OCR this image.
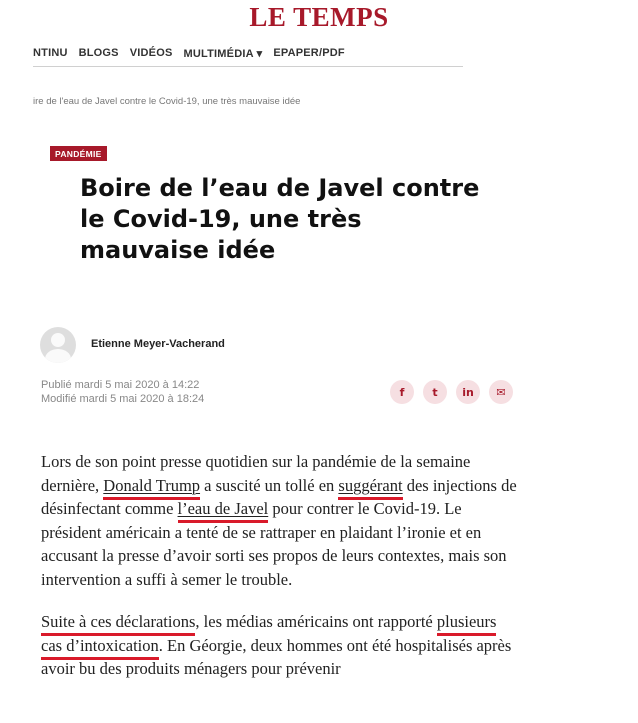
LE TEMPS
NTINU BLOGS VIDÉOS MULTIMÉDIA ▾ EPAPER/PDF
ire de l'eau de Javel contre le Covid-19, une très mauvaise idée
PANDÉMIE
Boire de l’eau de Javel contre le Covid-19, une très mauvaise idée
Etienne Meyer-Vacherand
Publié mardi 5 mai 2020 à 14:22
Modifié mardi 5 mai 2020 à 18:24
f	t	in	✉

Lors de son point presse quotidien sur la pandémie de la semaine dernière, Donald Trump a suscité un tollé en suggérant des injections de désinfectant comme l’eau de Javel pour contrer le Covid-19. Le président américain a tenté de se rattraper en plaidant l’ironie et en accusant la presse d’avoir sorti ses propos de leurs contextes, mais son intervention a suffi à semer le trouble.

Suite à ces déclarations, les médias américains ont rapporté plusieurs cas d’intoxication. En Géorgie, deux hommes ont été hospitalisés après avoir bu des produits ménagers pour prévenir
